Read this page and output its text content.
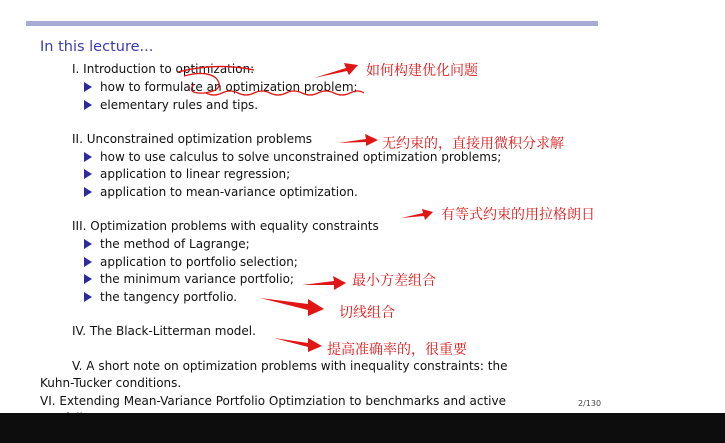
In this lecture...
I. Introduction to optimization:
how to formulate an optimization problem;
elementary rules and tips.
II. Unconstrained optimization problems
how to use calculus to solve unconstrained optimization problems;
application to linear regression;
application to mean-variance optimization.
III. Optimization problems with equality constraints
the method of Lagrange;
application to portfolio selection;
the minimum variance portfolio;
the tangency portfolio.
IV. The Black-Litterman model.
V. A short note on optimization problems with inequality constraints: the
Kuhn-Tucker conditions.
VI. Extending Mean-Variance Portfolio Optimziation to benchmarks and active	2/130
如何构建优化问题
无约束的，直接用微积分求解
有等式约束的用拉格朗日
最小方差组合
切线组合
提高准确率的，很重要
